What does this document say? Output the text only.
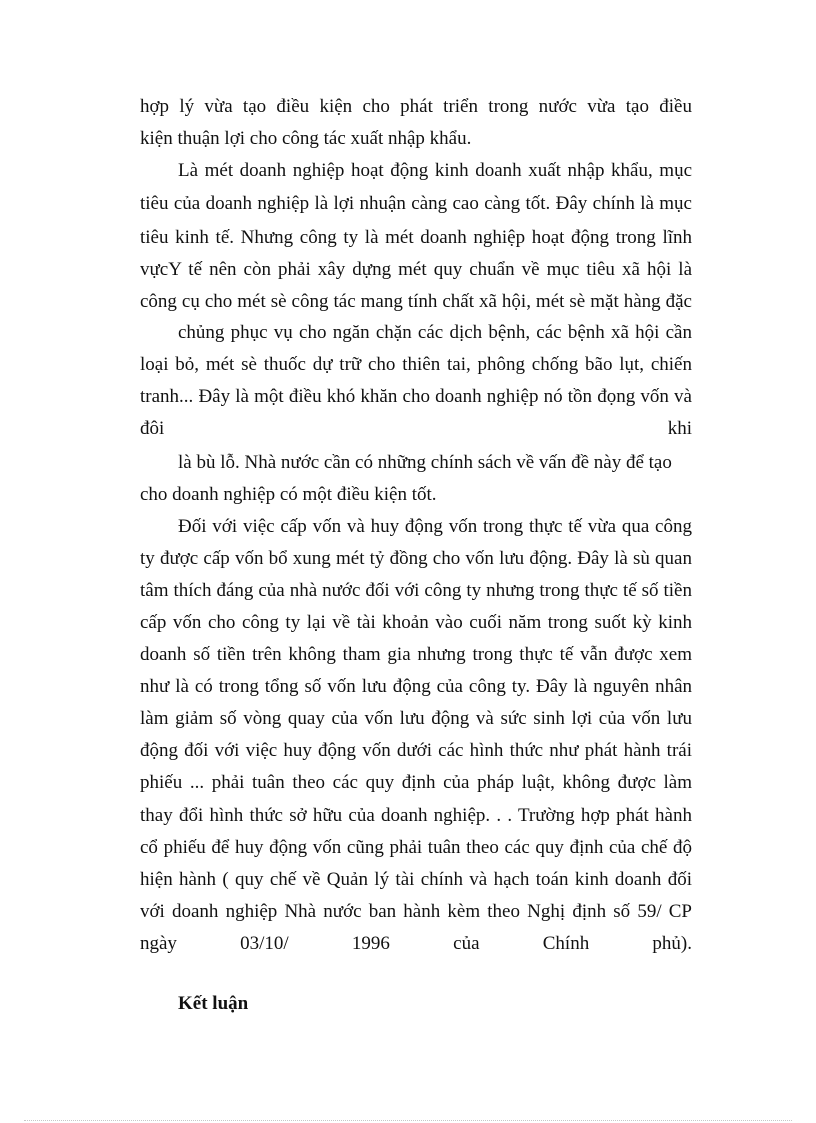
hợp lý vừa tạo điều kiện cho phát triển trong nước vừa tạo điều
kiện thuận lợi cho công tác xuất nhập khẩu.
Là mét doanh nghiệp hoạt động kinh doanh xuất nhập khẩu, mục
tiêu của doanh nghiệp là lợi nhuận càng cao càng tốt. Đây chính là mục
tiêu kinh tế. Nhưng công ty là mét doanh nghiệp hoạt động trong lĩnh
vựcY tế nên còn phải xây dựng mét quy chuẩn về mục tiêu xã hội là
công cụ cho mét sè công tác mang tính chất xã hội, mét sè mặt hàng đặc
chủng phục vụ cho ngăn chặn các dịch bệnh, các bệnh xã hội cần
loại bỏ, mét sè thuốc dự trữ cho thiên tai, phông chống bão lụt, chiến
tranh... Đây là một điều khó khăn cho doanh nghiệp nó tồn đọng vốn và
đôi khi
là bù lỗ. Nhà nước cần có những chính sách về vấn đề này để tạo
cho doanh nghiệp có một điều kiện tốt.
Đối với việc cấp vốn và huy động vốn trong thực tế vừa qua công
ty được cấp vốn bổ xung mét tỷ đồng cho vốn lưu động. Đây là sù quan
tâm thích đáng của nhà nước đối với công ty nhưng trong thực tế số tiền
cấp vốn cho công ty lại về tài khoản vào cuối năm trong suốt kỳ kinh
doanh số tiền trên không tham gia nhưng trong thực tế vẫn được xem
như là có trong tổng số vốn lưu động của công ty. Đây là nguyên nhân
làm giảm số vòng quay của vốn lưu động và sức sinh lợi của vốn lưu
động đối với việc huy động vốn dưới các hình thức như phát hành trái
phiếu ... phải tuân theo các quy định của pháp luật, không được làm
thay đổi hình thức sở hữu của doanh nghiệp. . . Trường hợp phát hành
cổ phiếu để huy động vốn cũng phải tuân theo các quy định của chế độ
hiện hành ( quy chế về Quản lý tài chính và hạch toán kinh doanh đối
với doanh nghiệp Nhà nước ban hành kèm theo Nghị định số 59/ CP
ngày 03/10/ 1996 của Chính phủ).
Kết luận
